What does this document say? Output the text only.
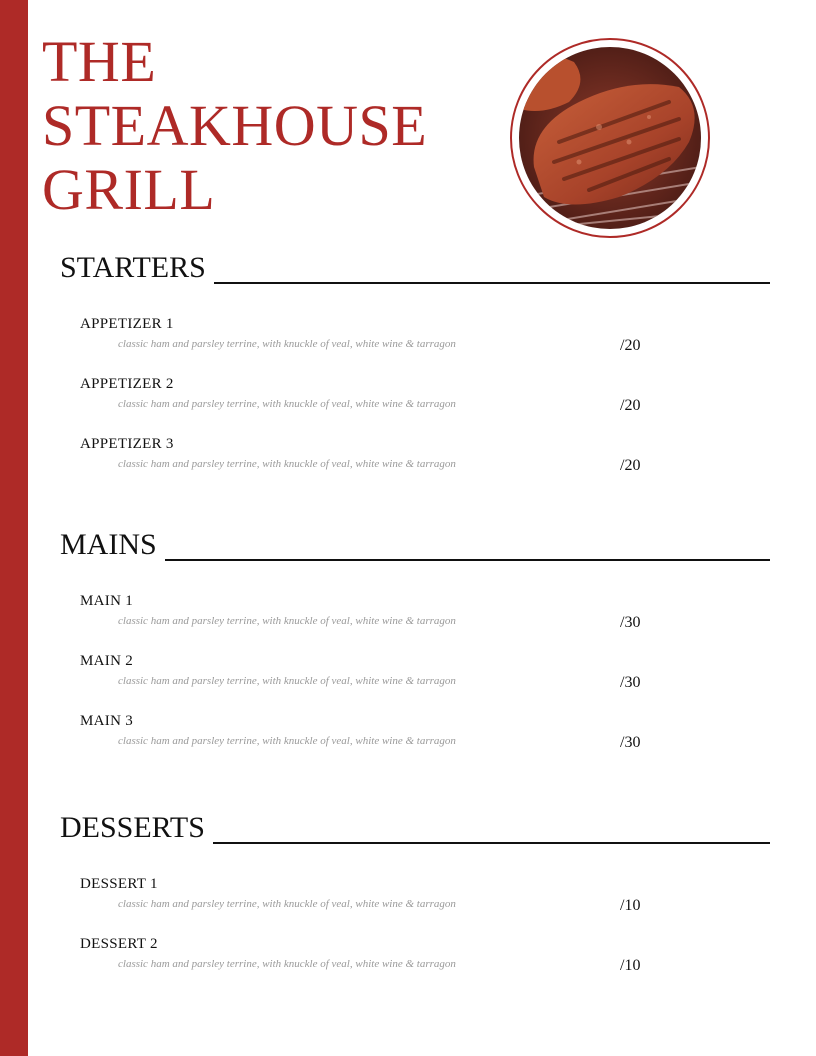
THE
STEAKHOUSE
GRILL
STARTERS
APPETIZER 1
classic ham and parsley terrine, with knuckle of veal, white wine & tarragon	/20
APPETIZER 2
classic ham and parsley terrine, with knuckle of veal, white wine & tarragon	/20
APPETIZER 3
classic ham and parsley terrine, with knuckle of veal, white wine & tarragon	/20
MAINS
MAIN 1
classic ham and parsley terrine, with knuckle of veal, white wine & tarragon	/30
MAIN 2
classic ham and parsley terrine, with knuckle of veal, white wine & tarragon	/30
MAIN 3
classic ham and parsley terrine, with knuckle of veal, white wine & tarragon	/30
DESSERTS
DESSERT 1
classic ham and parsley terrine, with knuckle of veal, white wine & tarragon	/10
DESSERT 2
classic ham and parsley terrine, with knuckle of veal, white wine & tarragon	/10
